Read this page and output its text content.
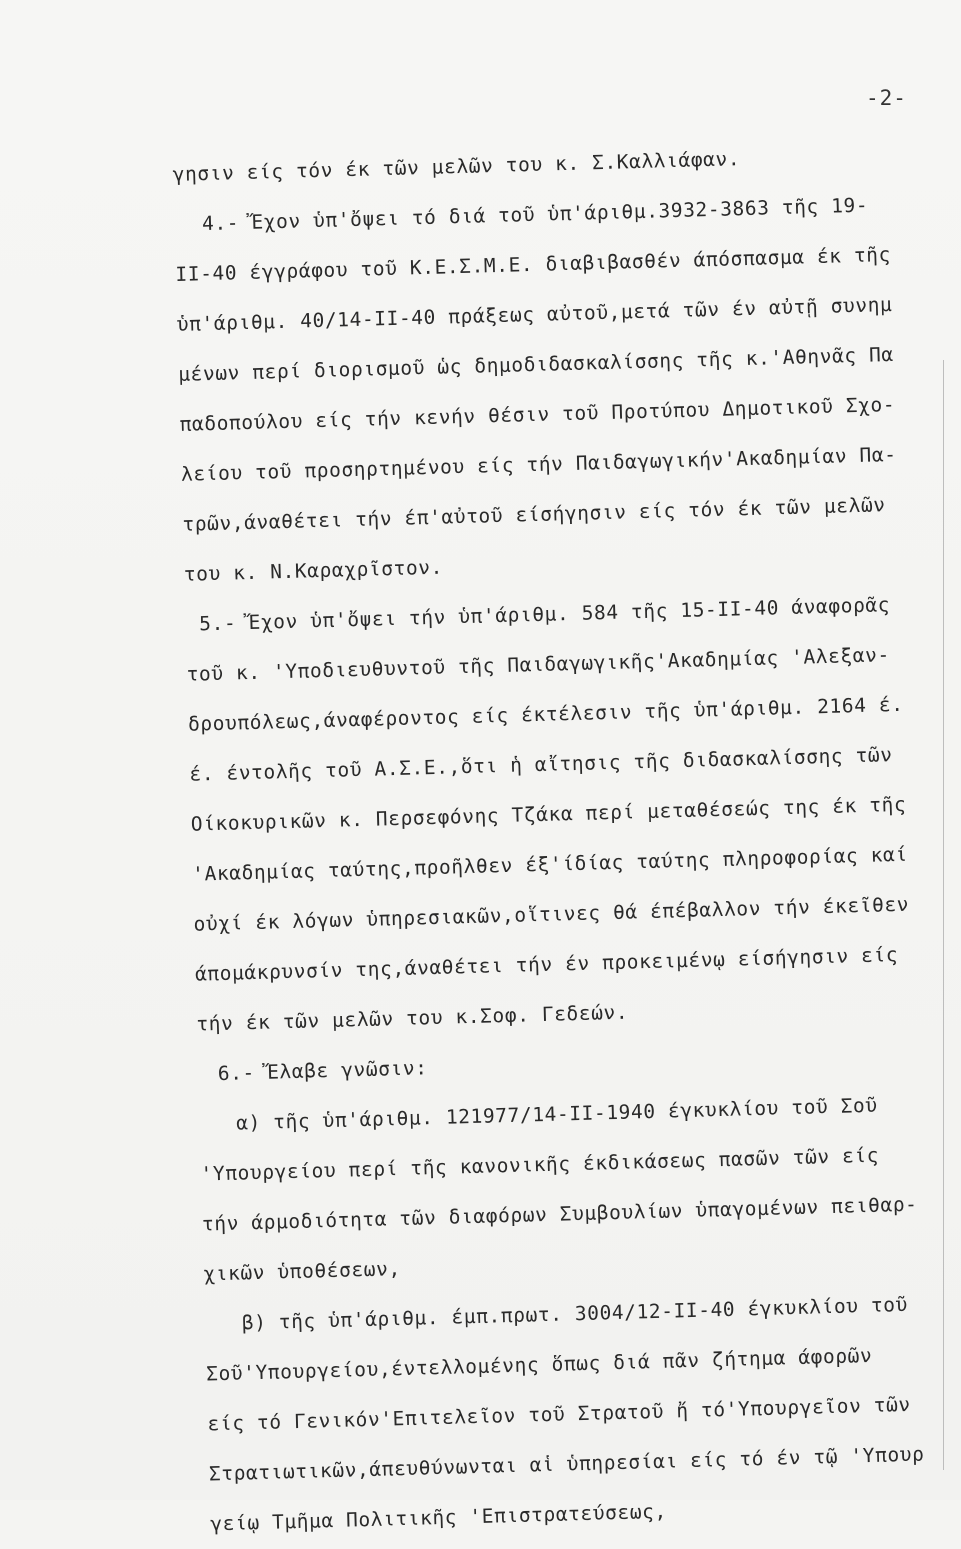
-2-
γησιν είς τόν έκ τῶν μελῶν του κ. Σ.Καλλιάφαν.
4.- Ἔχον ὑπ'ὄψει τό διά τοῦ ὑπ'άριθμ.3932-3863 τῆς 19-
ΙΙ-40 έγγράφου τοῦ Κ.Ε.Σ.Μ.Ε. διαβιβασθέν άπόσπασμα έκ τῆς
ὑπ'άριθμ. 40/14-ΙΙ-40 πράξεως αὐτοῦ,μετά τῶν έν αὐτῇ συνημ
μένων περί διορισμοῦ ὡς δημοδιδασκαλίσσης τῆς κ.'Αθηνᾶς Πα
παδοπούλου είς τήν κενήν θέσιν τοῦ Προτύπου Δημοτικοῦ Σχο-
λείου τοῦ προσηρτημένου είς τήν Παιδαγωγικήν'Ακαδημίαν Πα-
τρῶν,άναθέτει τήν έπ'αὐτοῦ είσήγησιν είς τόν έκ τῶν μελῶν
του κ. Ν.Καραχρῖστον.
5.- Ἔχον ὑπ'ὄψει τήν ὑπ'άριθμ. 584 τῆς 15-ΙΙ-40 άναφορᾶς
τοῦ κ. 'Υποδιευθυντοῦ τῆς Παιδαγωγικῆς'Ακαδημίας 'Αλεξαν-
δρουπόλεως,άναφέροντος είς έκτέλεσιν τῆς ὑπ'άριθμ. 2164 έ.
έ. έντολῆς τοῦ Α.Σ.Ε.,ὅτι ἡ αἴτησις τῆς διδασκαλίσσης τῶν
Οίκοκυρικῶν κ. Περσεφόνης Τζάκα περί μεταθέσεώς της έκ τῆς
'Ακαδημίας ταύτης,προῆλθεν έξ'ίδίας ταύτης πληροφορίας καί
οὐχί έκ λόγων ὑπηρεσιακῶν,οἵτινες θά έπέβαλλον τήν έκεῖθεν
άπομάκρυνσίν της,άναθέτει τήν έν προκειμένῳ είσήγησιν είς
τήν έκ τῶν μελῶν του κ.Σοφ. Γεδεών.
6.- Ἔλαβε γνῶσιν:
α) τῆς ὑπ'άριθμ. 121977/14-ΙΙ-1940 έγκυκλίου τοῦ Σοῦ
'Υπουργείου περί τῆς κανονικῆς έκδικάσεως πασῶν τῶν είς
τήν άρμοδιότητα τῶν διαφόρων Συμβουλίων ὑπαγομένων πειθαρ-
χικῶν ὑποθέσεων,
β) τῆς ὑπ'άριθμ. έμπ.πρωτ. 3004/12-ΙΙ-40 έγκυκλίου τοῦ
Σοῦ'Υπουργείου,έντελλομένης ὅπως διά πᾶν ζήτημα άφορῶν
είς τό Γενικόν'Επιτελεῖον τοῦ Στρατοῦ ἤ τό'Υπουργεῖον τῶν
Στρατιωτικῶν,άπευθύνωνται αἱ ὑπηρεσίαι είς τό έν τῷ 'Υπουρ
γείῳ Τμῆμα Πολιτικῆς 'Επιστρατεύσεως,
